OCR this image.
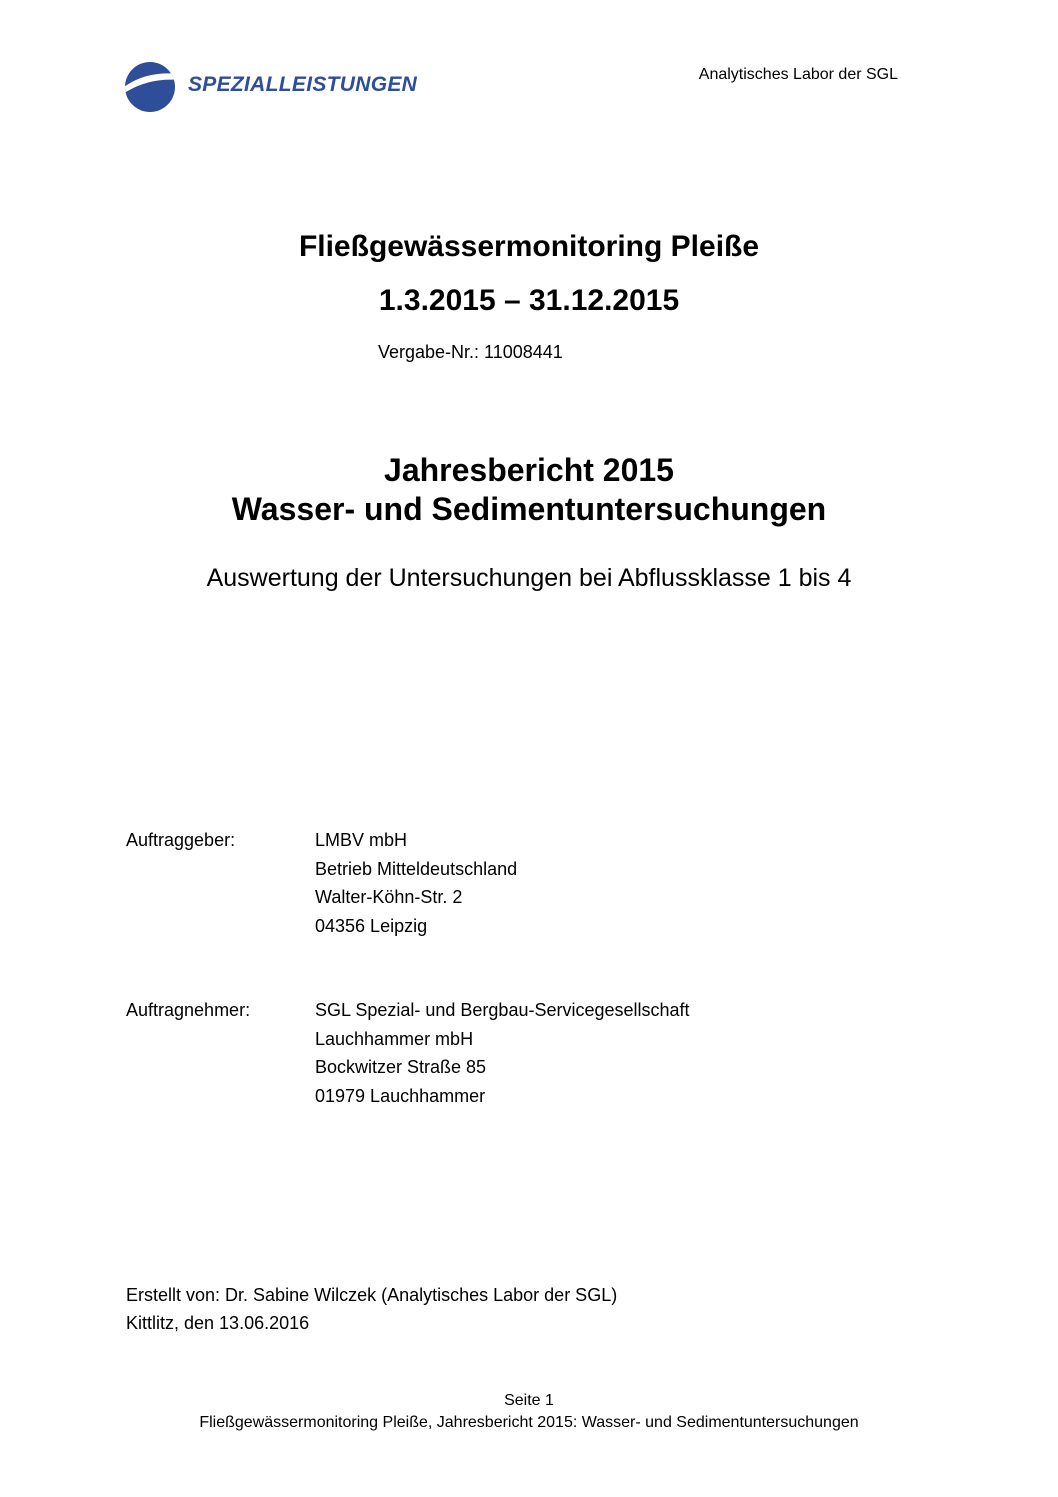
SPEZIALLEISTUNGEN	Analytisches Labor der SGL
Fließgewässermonitoring Pleiße
1.3.2015 – 31.12.2015
Vergabe-Nr.: 11008441
Jahresbericht 2015
Wasser- und Sedimentuntersuchungen
Auswertung der Untersuchungen bei Abflussklasse 1 bis 4
Auftraggeber:	LMBV mbH
Betrieb Mitteldeutschland
Walter-Köhn-Str. 2
04356 Leipzig
Auftragnehmer:	SGL Spezial- und Bergbau-Servicegesellschaft
Lauchhammer mbH
Bockwitzer Straße 85
01979 Lauchhammer
Erstellt von: Dr. Sabine Wilczek (Analytisches Labor der SGL)
Kittlitz, den 13.06.2016
Seite 1
Fließgewässermonitoring Pleiße, Jahresbericht 2015: Wasser- und Sedimentuntersuchungen
